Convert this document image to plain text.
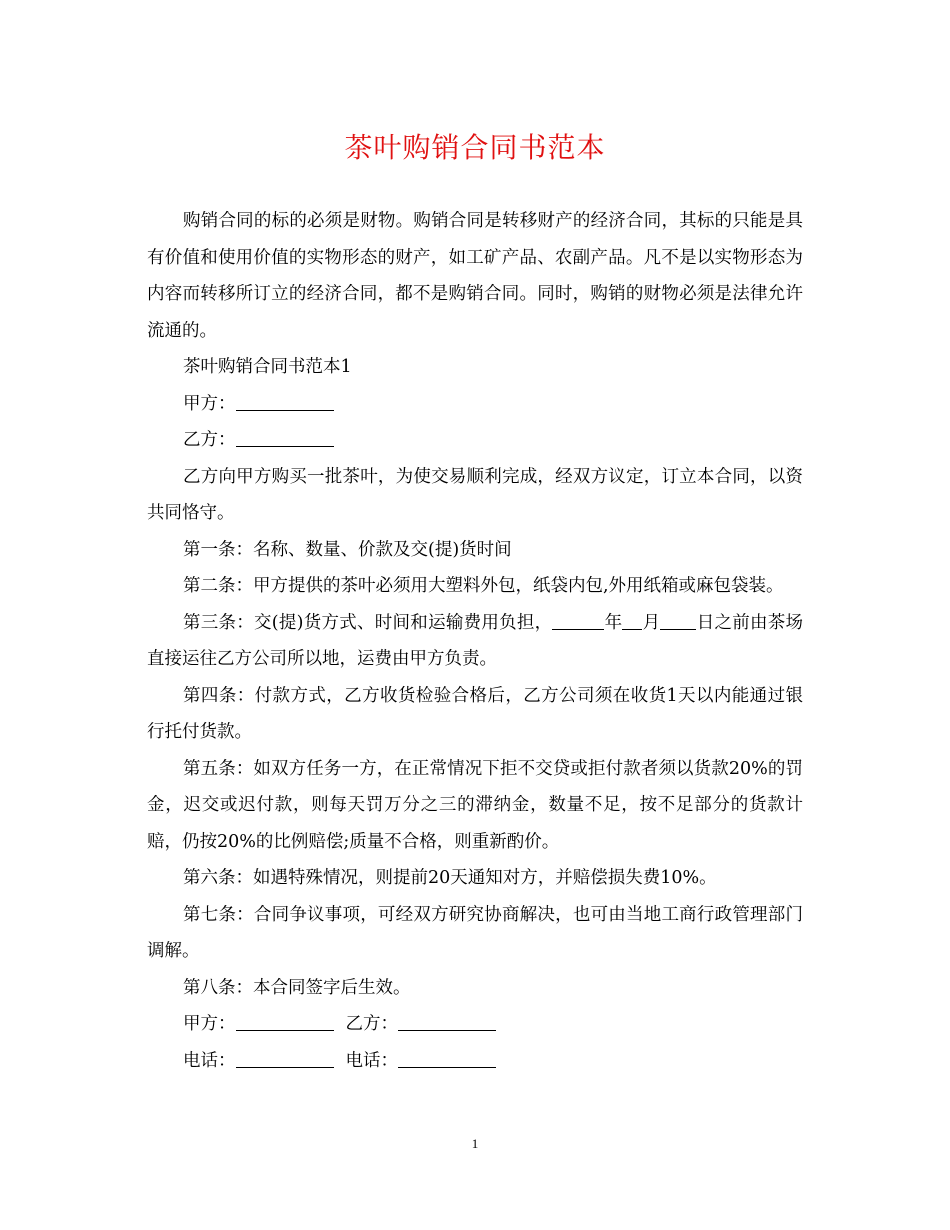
茶叶购销合同书范本

购销合同的标的必须是财物。购销合同是转移财产的经济合同，其标的只能是具有价值和使用价值的实物形态的财产，如工矿产品、农副产品。凡不是以实物形态为内容而转移所订立的经济合同，都不是购销合同。同时，购销的财物必须是法律允许流通的。

茶叶购销合同书范本1

甲方：

乙方：

乙方向甲方购买一批茶叶，为使交易顺利完成，经双方议定，订立本合同，以资共同恪守。

第一条：名称、数量、价款及交(提)货时间

第二条：甲方提供的茶叶必须用大塑料外包，纸袋内包,外用纸箱或麻包袋装。

第三条：交(提)货方式、时间和运输费用负担，	年 月 日之前由茶场直接运往乙方公司所以地，运费由甲方负责。

第四条：付款方式，乙方收货检验合格后，乙方公司须在收货1天以内能通过银行托付货款。

第五条：如双方任务一方，在正常情况下拒不交贷或拒付款者须以货款20%的罚金，迟交或迟付款，则每天罚万分之三的滞纳金，数量不足，按不足部分的货款计赔，仍按20%的比例赔偿;质量不合格，则重新酌价。

第六条：如遇特殊情况，则提前20天通知对方，并赔偿损失费10%。

第七条：合同争议事项，可经双方研究协商解决，也可由当地工商行政管理部门调解。

第八条：本合同签字后生效。

甲方：	乙方：

电话：	电话：

1
